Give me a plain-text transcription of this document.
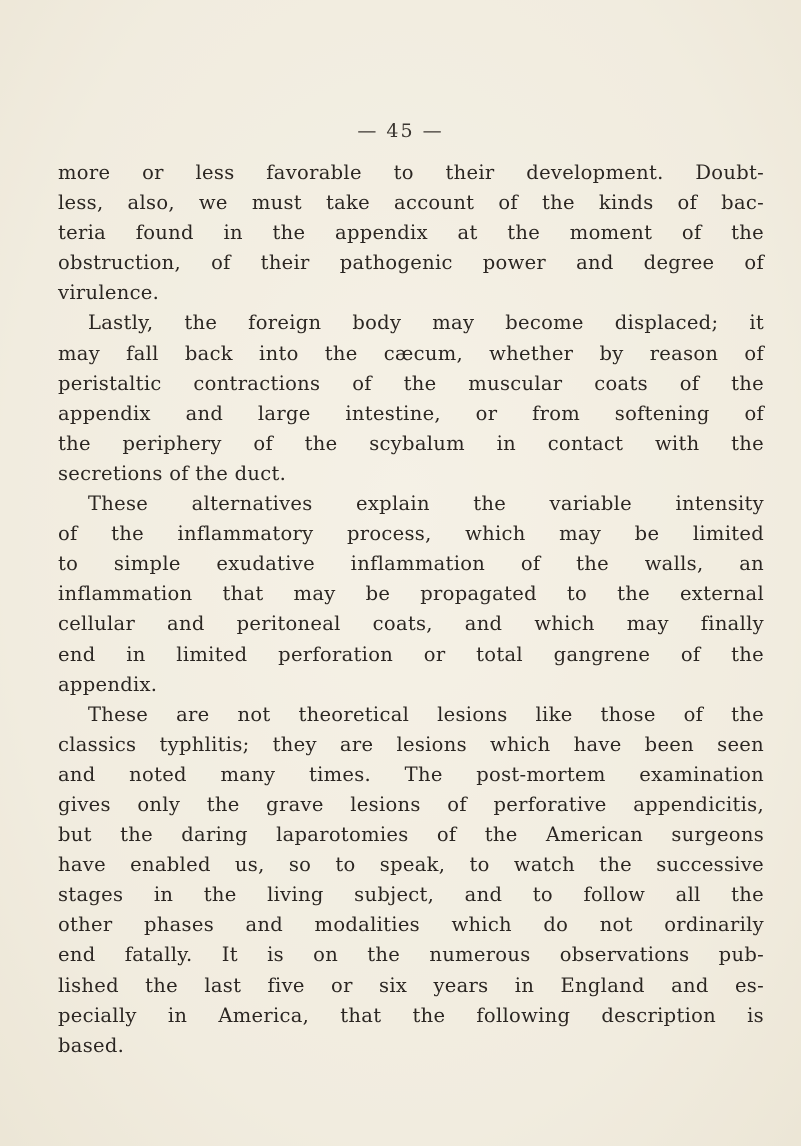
— 45 —
more or less favorable to their development. Doubt-
less, also, we must take account of the kinds of bac-
teria found in the appendix at the moment of the
obstruction, of their pathogenic power and degree of
virulence.
Lastly, the foreign body may become displaced; it
may fall back into the cæcum, whether by reason of
peristaltic contractions of the muscular coats of the
appendix and large intestine, or from softening of
the periphery of the scybalum in contact with the
secretions of the duct.
These alternatives explain the variable intensity
of the inflammatory process, which may be limited
to simple exudative inflammation of the walls, an
inflammation that may be propagated to the external
cellular and peritoneal coats, and which may finally
end in limited perforation or total gangrene of the
appendix.
These are not theoretical lesions like those of the
classics typhlitis; they are lesions which have been seen
and noted many times. The post-mortem examination
gives only the grave lesions of perforative appendicitis,
but the daring laparotomies of the American surgeons
have enabled us, so to speak, to watch the successive
stages in the living subject, and to follow all the
other phases and modalities which do not ordinarily
end fatally. It is on the numerous observations pub-
lished the last five or six years in England and es-
pecially in America, that the following description is
based.
